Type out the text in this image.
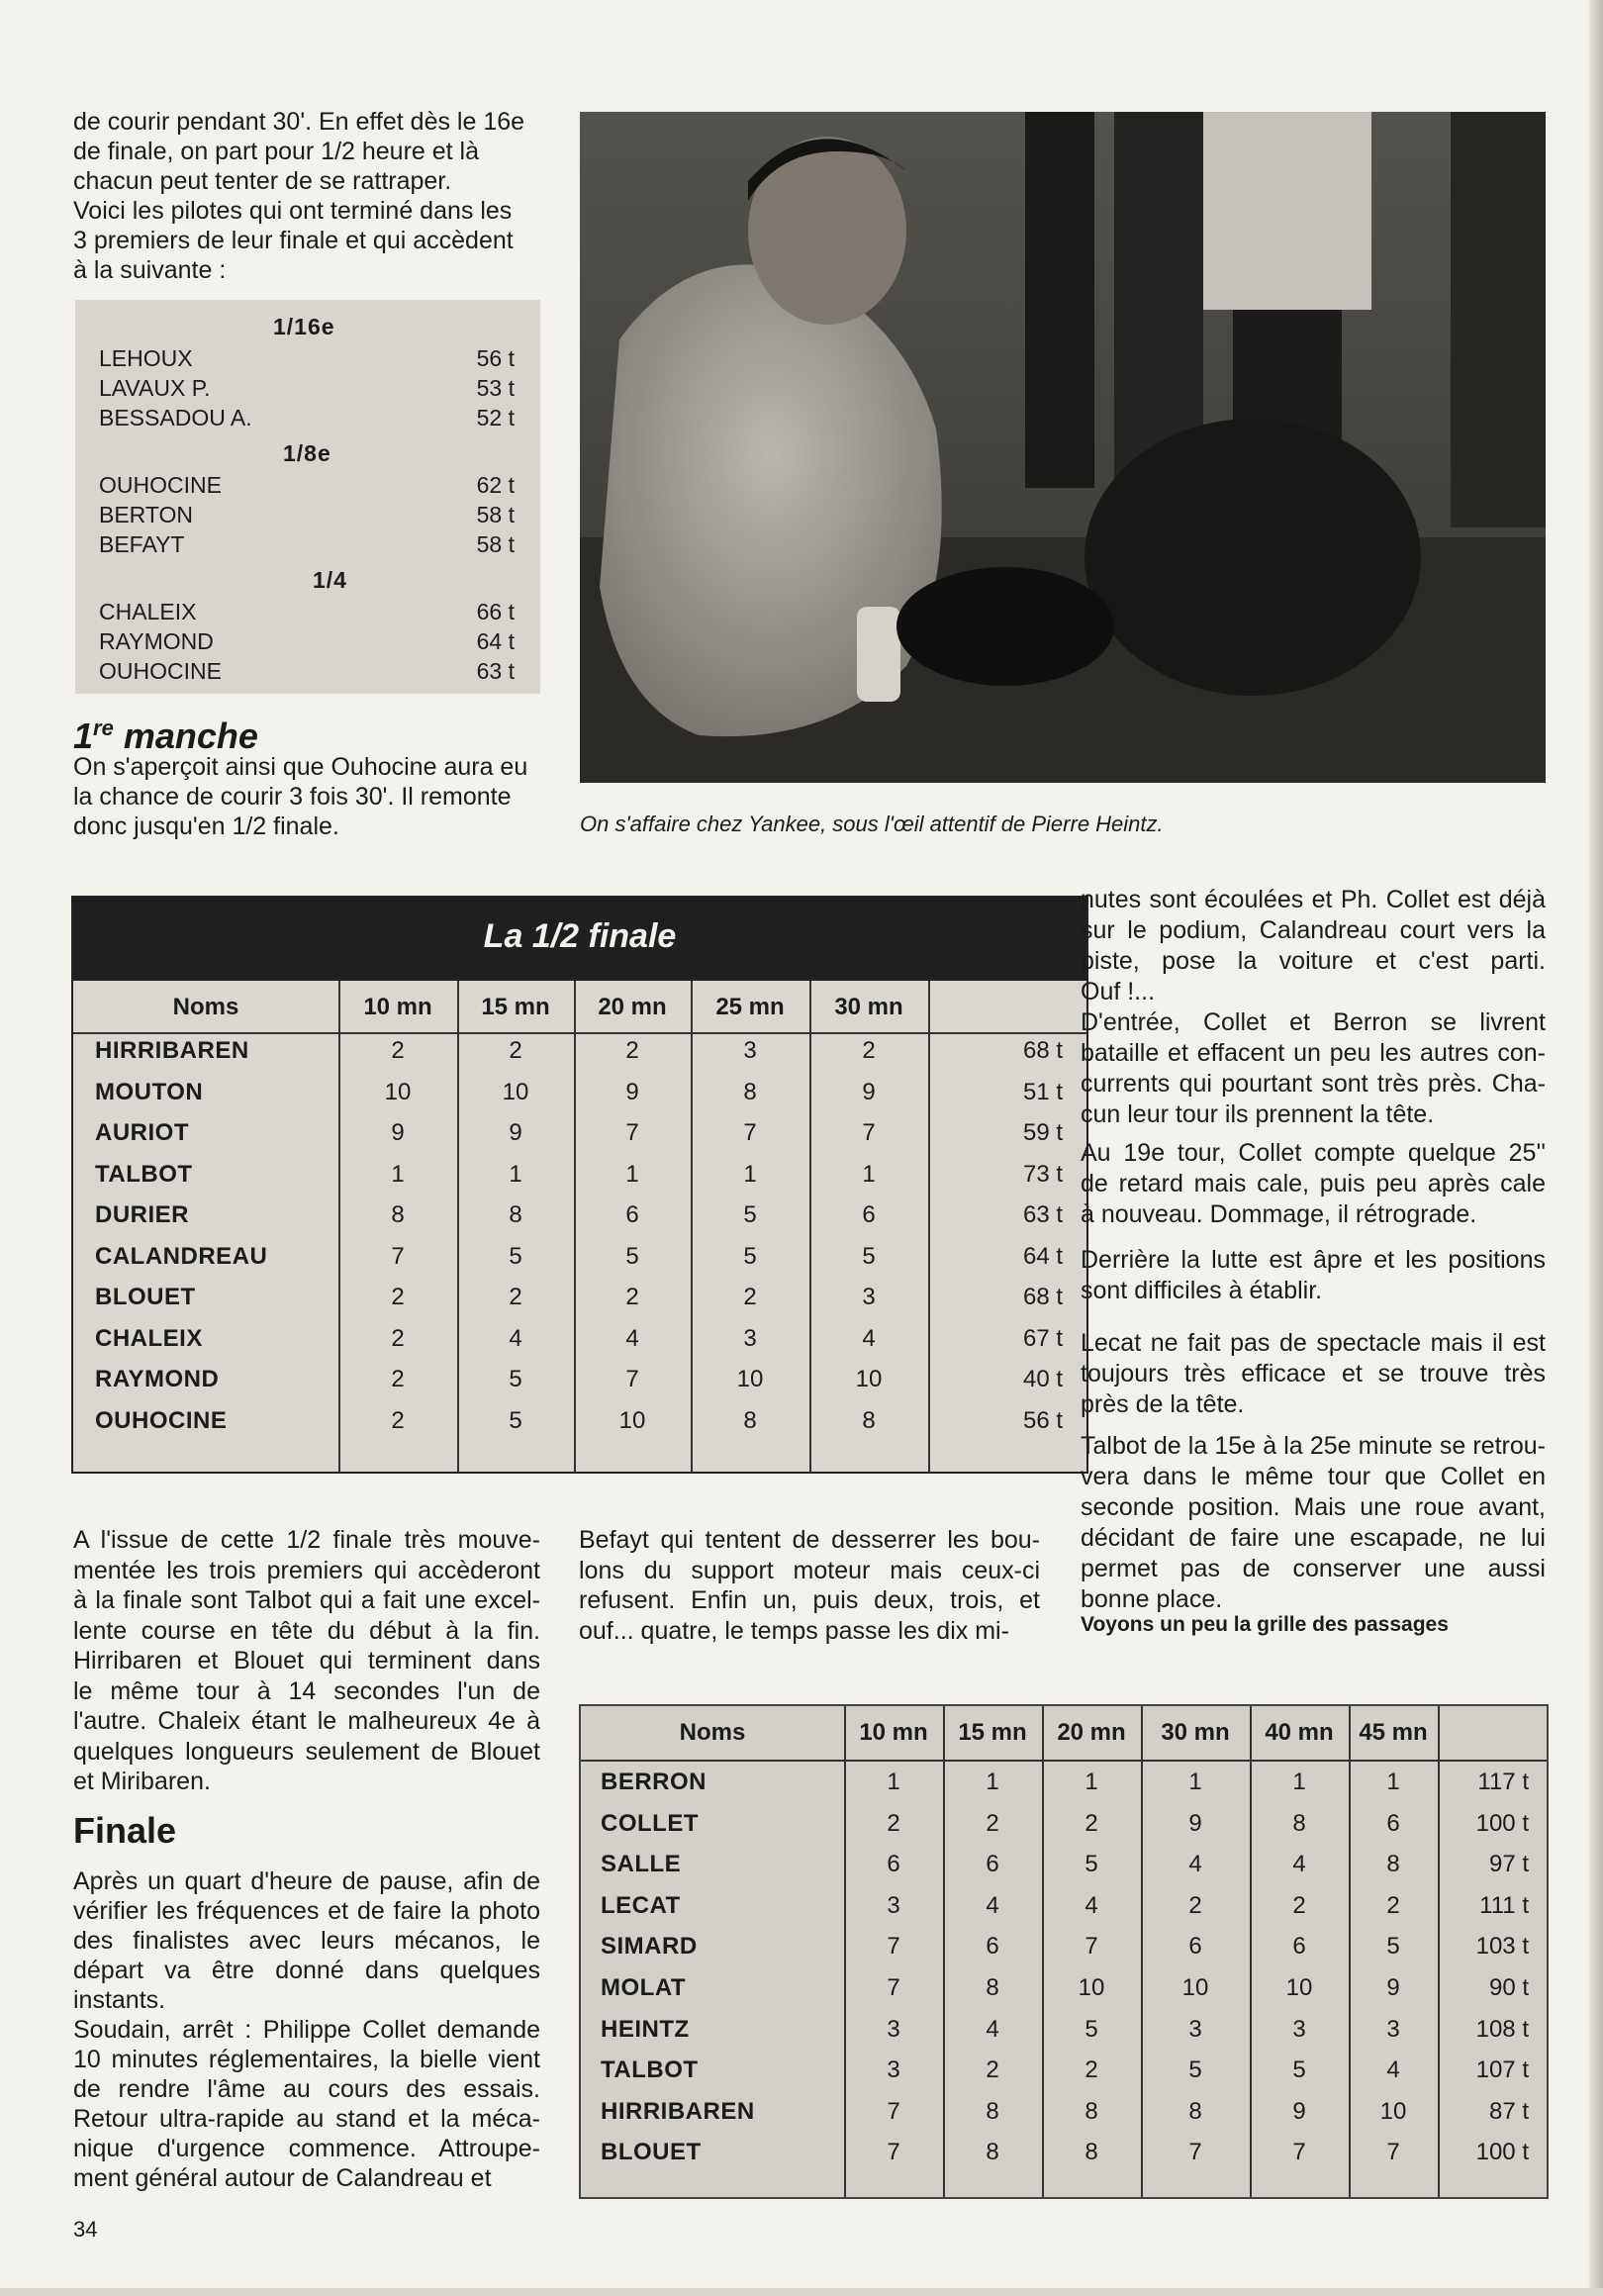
de courir pendant 30'. En effet dès le 16e
de finale, on part pour 1/2 heure et là
chacun peut tenter de se rattraper.
Voici les pilotes qui ont terminé dans les
3 premiers de leur finale et qui accèdent
à la suivante :
1/16e
LEHOUX	56 t
LAVAUX P.	53 t
BESSADOU A.	52 t
1/8e
OUHOCINE	62 t
BERTON	58 t
BEFAYT	58 t
1/4
CHALEIX	66 t
RAYMOND	64 t
OUHOCINE	63 t
1re manche
On s'aperçoit ainsi que Ouhocine aura eu
la chance de courir 3 fois 30'. Il remonte
donc jusqu'en 1/2 finale.	On s'affaire chez Yankee, sous l'œil attentif de Pierre Heintz.
La 1/2 finale
Noms	10 mn	15 mn	20 mn	25 mn	30 mn
HIRRIBAREN	2	2	2	3	2	68 t
MOUTON	10	10	9	8	9	51 t
AURIOT	9	9	7	7	7	59 t
TALBOT	1	1	1	1	1	73 t
DURIER	8	8	6	5	6	63 t
CALANDREAU	7	5	5	5	5	64 t
BLOUET	2	2	2	2	3	68 t
CHALEIX	2	4	4	3	4	67 t
RAYMOND	2	5	7	10	10	40 t
OUHOCINE	2	5	10	8	8	56 t
nutes sont écoulées et Ph. Collet est déjà
sur le podium, Calandreau court vers la
piste, pose la voiture et c'est parti.
Ouf !...
D'entrée, Collet et Berron se livrent
bataille et effacent un peu les autres con-
currents qui pourtant sont très près. Cha-
cun leur tour ils prennent la tête.
Au 19e tour, Collet compte quelque 25''
de retard mais cale, puis peu après cale
à nouveau. Dommage, il rétrograde.
Derrière la lutte est âpre et les positions
sont difficiles à établir.
Lecat ne fait pas de spectacle mais il est
toujours très efficace et se trouve très
près de la tête.
Talbot de la 15e à la 25e minute se retrou-
vera dans le même tour que Collet en
seconde position. Mais une roue avant,
décidant de faire une escapade, ne lui
permet pas de conserver une aussi
bonne place.
Voyons un peu la grille des passages
A l'issue de cette 1/2 finale très mouve-
mentée les trois premiers qui accèderont
à la finale sont Talbot qui a fait une excel-
lente course en tête du début à la fin.
Hirribaren et Blouet qui terminent dans
le même tour à 14 secondes l'un de
l'autre. Chaleix étant le malheureux 4e à
quelques longueurs seulement de Blouet
et Miribaren.
Après un quart d'heure de pause, afin de
vérifier les fréquences et de faire la photo
des finalistes avec leurs mécanos, le
départ va être donné dans quelques
instants.
Soudain, arrêt : Philippe Collet demande
10 minutes réglementaires, la bielle vient
de rendre l'âme au cours des essais.
Retour ultra-rapide au stand et la méca-
nique d'urgence commence. Attroupe-
ment général autour de Calandreau et
Finale
Befayt qui tentent de desserrer les bou-
lons du support moteur mais ceux-ci
refusent. Enfin un, puis deux, trois, et
ouf... quatre, le temps passe les dix mi-
Noms	10 mn	15 mn	20 mn	30 mn	40 mn	45 mn
BERRON	1	1	1	1	1	1	117 t
COLLET	2	2	2	9	8	6	100 t
SALLE	6	6	5	4	4	8	97 t
LECAT	3	4	4	2	2	2	111 t
SIMARD	7	6	7	6	6	5	103 t
MOLAT	7	8	10	10	10	9	90 t
HEINTZ	3	4	5	3	3	3	108 t
TALBOT	3	2	2	5	5	4	107 t
HIRRIBAREN	7	8	8	8	9	10	87 t
BLOUET	7	8	8	7	7	7	100 t
34
